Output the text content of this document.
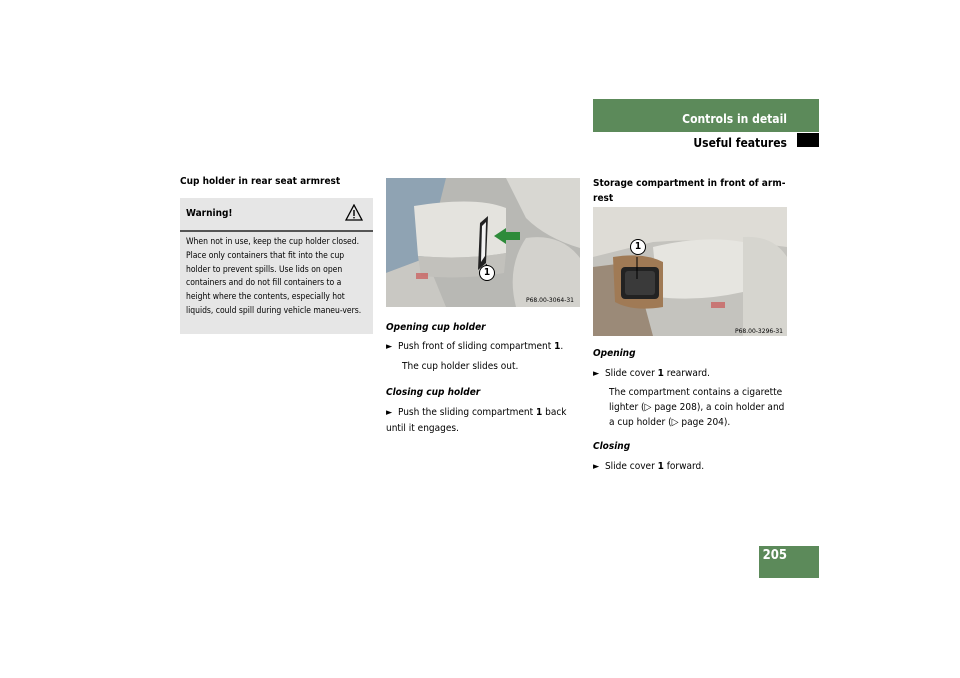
Controls in detail
Useful features
Cup holder in rear seat armrest
Warning!
When not in use, keep the cup holder closed. Place only containers that fit into the cup holder to prevent spills. Use lids on open containers and do not fill containers to a height where the contents, especially hot liquids, could spill during vehicle maneu-vers.
P68.00-3064-31
1
Opening cup holder
► Push front of sliding compartment 1.
The cup holder slides out.
Closing cup holder
► Push the sliding compartment 1 back until it engages.
Storage compartment in front of arm-rest
P68.00-3296-31
1
Opening
► Slide cover 1 rearward.
The compartment contains a cigarette lighter (▷ page 208), a coin holder and a cup holder (▷ page 204).
Closing
► Slide cover 1 forward.
205
